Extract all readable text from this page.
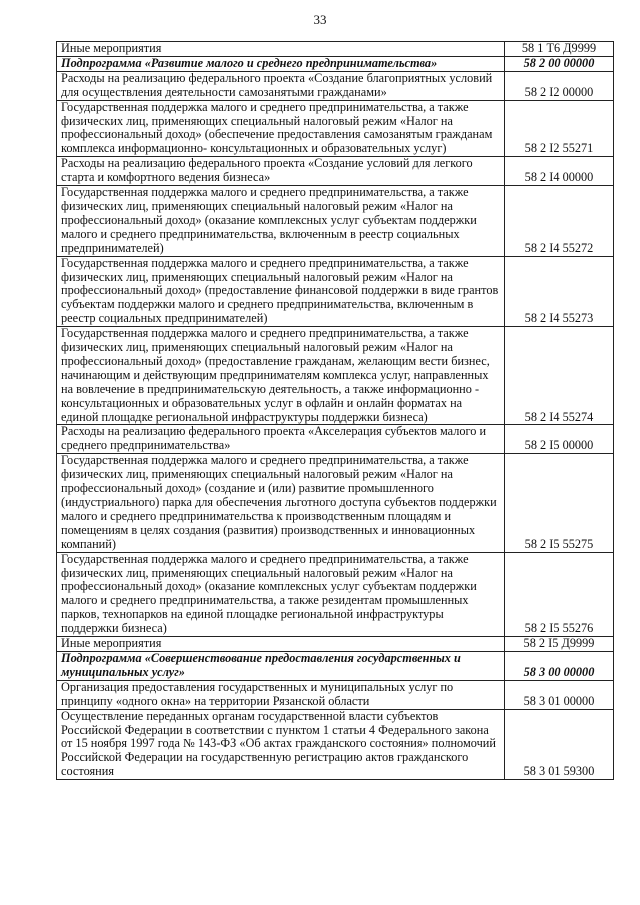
33
Иные мероприятия	58 1 Т6 Д9999
Подпрограмма «Развитие малого и среднего предпринимательства»	58 2 00 00000
Расходы на реализацию федерального проекта «Создание благоприятных условий для осуществления деятельности самозанятыми гражданами»	58 2 I2 00000
Государственная поддержка малого и среднего предпринимательства, а также физических лиц, применяющих специальный налоговый режим «Налог на профессиональный доход» (обеспечение предоставления самозанятым гражданам комплекса информационно- консультационных и образовательных услуг)	58 2 I2 55271
Расходы на реализацию федерального проекта «Создание условий для легкого старта и комфортного ведения бизнеса»	58 2 I4 00000
Государственная поддержка малого и среднего предпринимательства, а также физических лиц, применяющих специальный налоговый режим «Налог на профессиональный доход» (оказание комплексных услуг субъектам поддержки малого и среднего предпринимательства, включенным в реестр социальных предпринимателей)	58 2 I4 55272
Государственная поддержка малого и среднего предпринимательства, а также физических лиц, применяющих специальный налоговый режим «Налог на профессиональный доход» (предоставление финансовой поддержки в виде грантов субъектам поддержки малого и среднего предпринимательства, включенным в реестр социальных предпринимателей)	58 2 I4 55273
Государственная поддержка малого и среднего предпринимательства, а также физических лиц, применяющих специальный налоговый режим «Налог на профессиональный доход» (предоставление гражданам, желающим вести бизнес, начинающим и действующим предпринимателям комплекса услуг, направленных на вовлечение в предпринимательскую деятельность, а также информационно - консультационных и образовательных услуг в офлайн и онлайн форматах на единой площадке региональной инфраструктуры поддержки бизнеса)	58 2 I4 55274
Расходы на реализацию федерального проекта «Акселерация субъектов малого и среднего предпринимательства»	58 2 I5 00000
Государственная поддержка малого и среднего предпринимательства, а также физических лиц, применяющих специальный налоговый режим «Налог на профессиональный доход» (создание и (или) развитие промышленного (индустриального) парка для обеспечения льготного доступа субъектов поддержки малого и среднего предпринимательства к производственным площадям и помещениям в целях создания (развития) производственных и инновационных компаний)	58 2 I5 55275
Государственная поддержка малого и среднего предпринимательства, а также физических лиц, применяющих специальный налоговый режим «Налог на профессиональный доход» (оказание комплексных услуг субъектам поддержки малого и среднего предпринимательства, а также резидентам промышленных парков, технопарков на единой площадке региональной инфраструктуры поддержки бизнеса)	58 2 I5 55276
Иные мероприятия	58 2 I5 Д9999
Подпрограмма «Совершенствование предоставления государственных и муниципальных услуг»	58 3 00 00000
Организация предоставления государственных и муниципальных услуг по принципу «одного окна» на территории Рязанской области	58 3 01 00000
Осуществление переданных органам государственной власти субъектов Российской Федерации в соответствии с пунктом 1 статьи 4 Федерального закона от 15 ноября 1997 года № 143-ФЗ «Об актах гражданского состояния» полномочий Российской Федерации на государственную регистрацию актов гражданского состояния	58 3 01 59300
